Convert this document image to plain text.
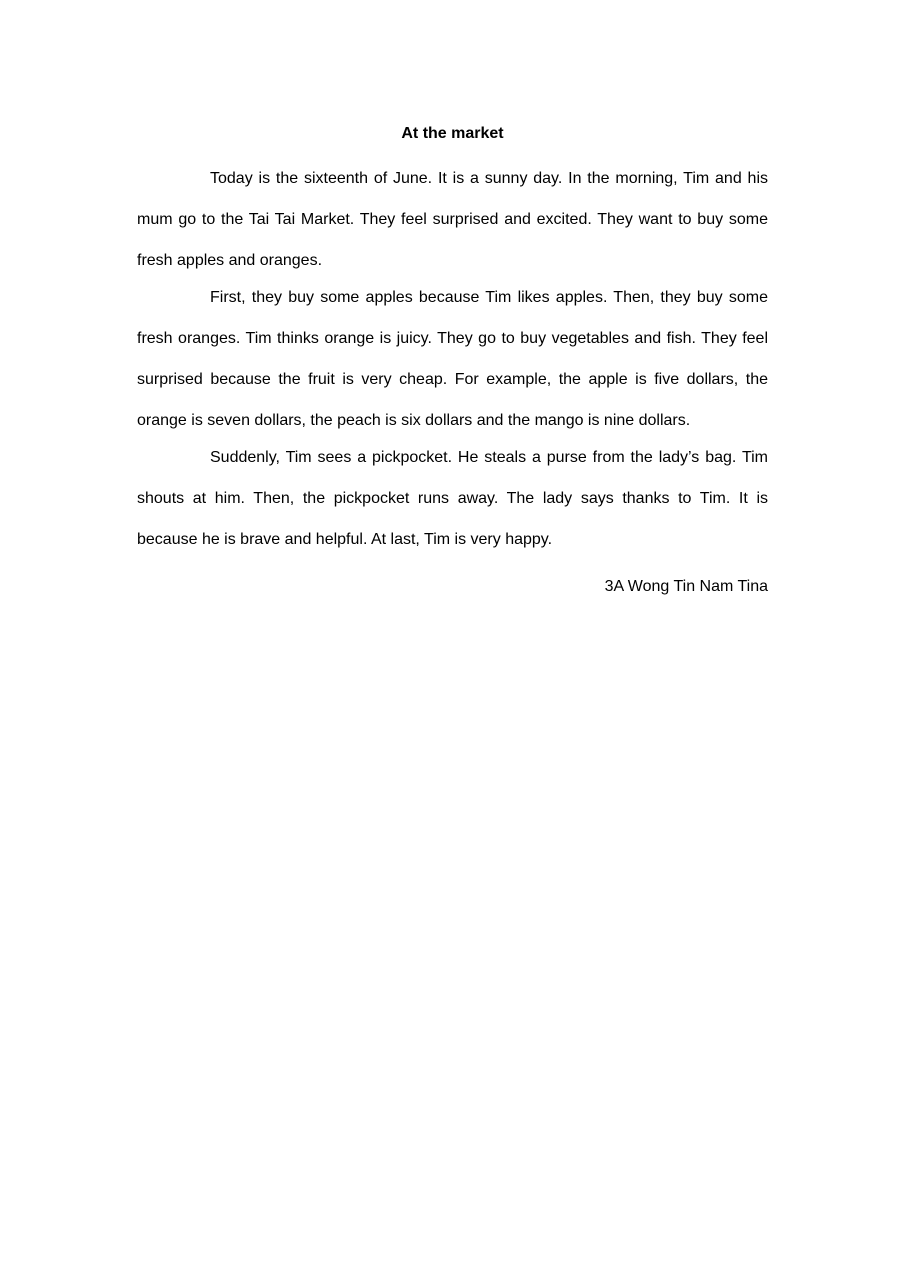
At the market

Today is the sixteenth of June. It is a sunny day. In the morning, Tim and his mum go to the Tai Tai Market. They feel surprised and excited. They want to buy some fresh apples and oranges.

First, they buy some apples because Tim likes apples. Then, they buy some fresh oranges. Tim thinks orange is juicy. They go to buy vegetables and fish. They feel surprised because the fruit is very cheap. For example, the apple is five dollars, the orange is seven dollars, the peach is six dollars and the mango is nine dollars.

Suddenly, Tim sees a pickpocket. He steals a purse from the lady’s bag. Tim shouts at him. Then, the pickpocket runs away. The lady says thanks to Tim. It is because he is brave and helpful. At last, Tim is very happy.

3A Wong Tin Nam Tina
